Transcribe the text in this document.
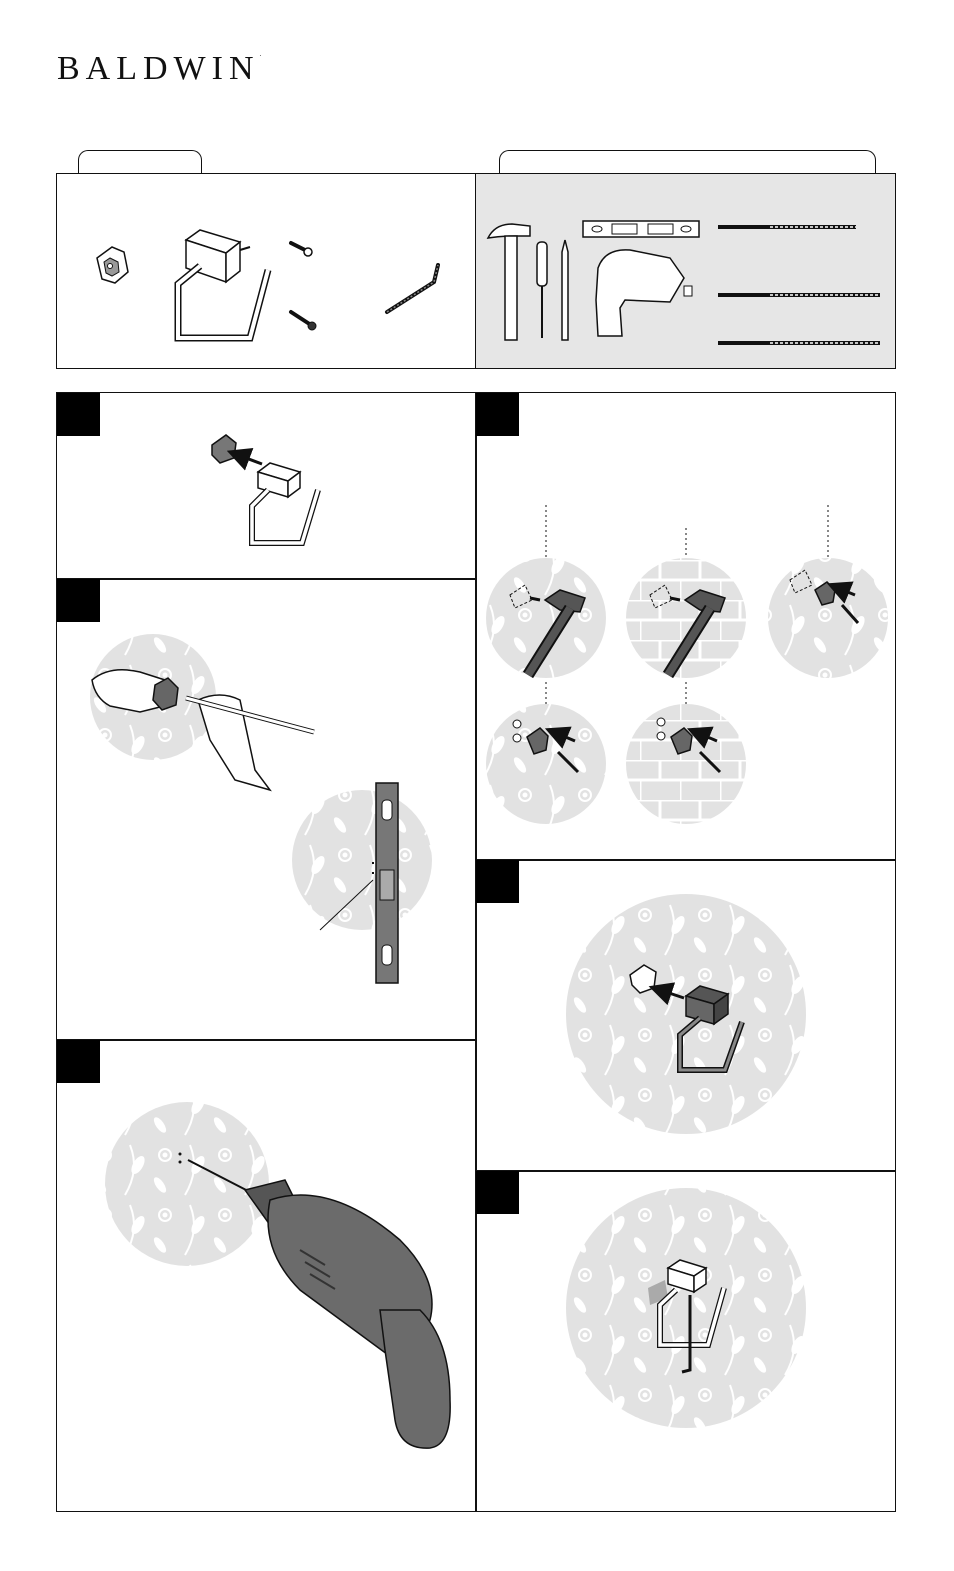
BALDWIN.
